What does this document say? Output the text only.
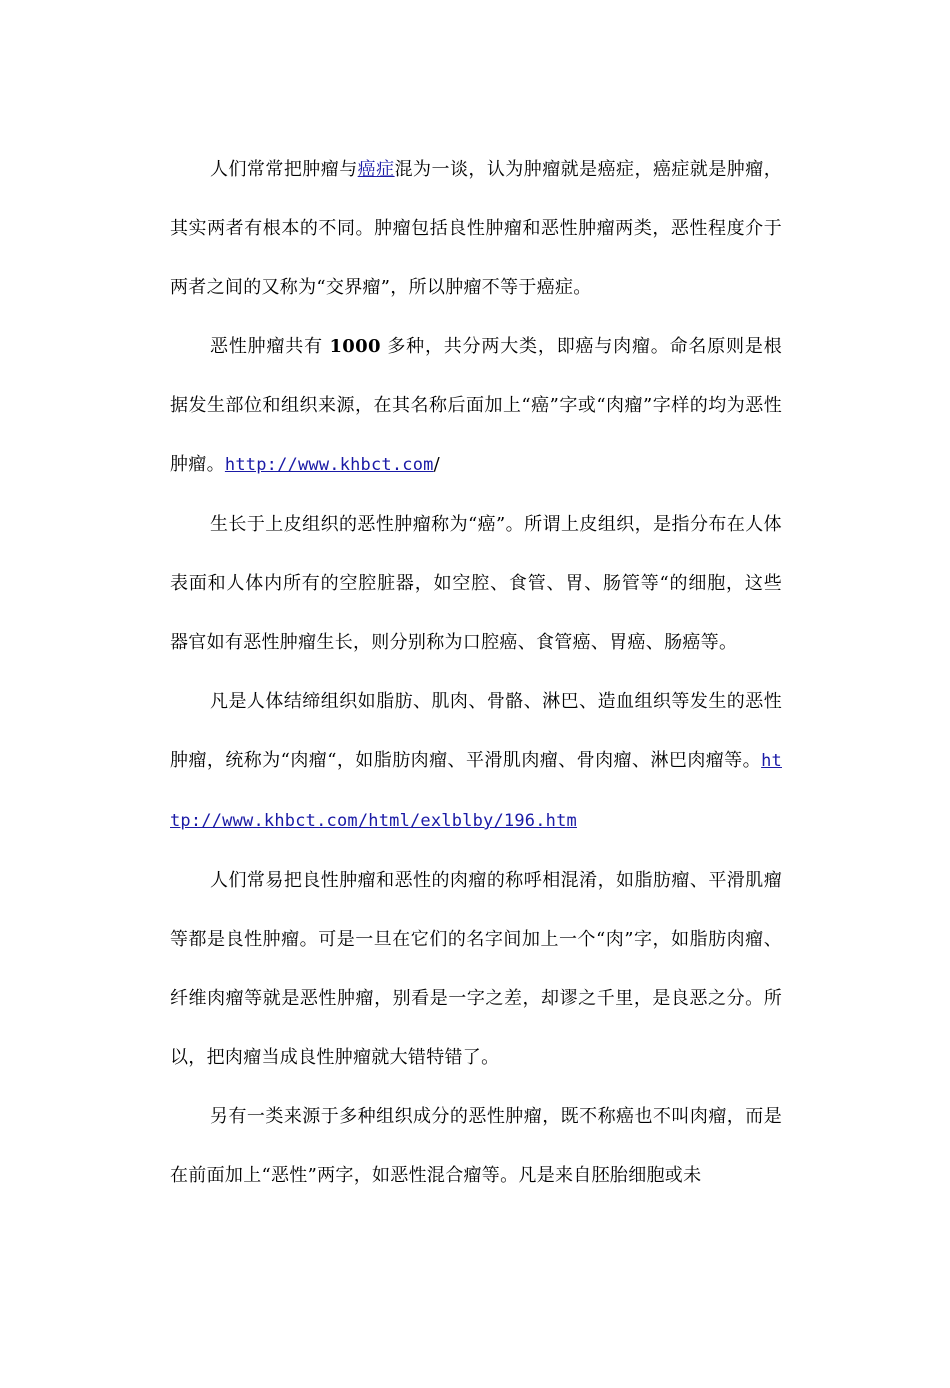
人们常常把肿瘤与癌症混为一谈，认为肿瘤就是癌症，癌症就是肿瘤，其实两者有根本的不同。肿瘤包括良性肿瘤和恶性肿瘤两类，恶性程度介于两者之间的又称为“交界瘤”，所以肿瘤不等于癌症。

恶性肿瘤共有 1000 多种，共分两大类，即癌与肉瘤。命名原则是根据发生部位和组织来源，在其名称后面加上“癌”字或“肉瘤”字样的均为恶性肿瘤。http://www.khbct.com/

生长于上皮组织的恶性肿瘤称为“癌”。所谓上皮组织，是指分布在人体表面和人体内所有的空腔脏器，如空腔、食管、胃、肠管等“的细胞，这些器官如有恶性肿瘤生长，则分别称为口腔癌、食管癌、胃癌、肠癌等。

凡是人体结缔组织如脂肪、肌肉、骨骼、淋巴、造血组织等发生的恶性肿瘤，统称为“肉瘤“，如脂肪肉瘤、平滑肌肉瘤、骨肉瘤、淋巴肉瘤等。http://www.khbct.com/html/exlblby/196.htm

人们常易把良性肿瘤和恶性的肉瘤的称呼相混淆，如脂肪瘤、平滑肌瘤等都是良性肿瘤。可是一旦在它们的名字间加上一个“肉”字，如脂肪肉瘤、纤维肉瘤等就是恶性肿瘤，别看是一字之差，却谬之千里，是良恶之分。所以，把肉瘤当成良性肿瘤就大错特错了。

另有一类来源于多种组织成分的恶性肿瘤，既不称癌也不叫肉瘤，而是在前面加上“恶性”两字，如恶性混合瘤等。凡是来自胚胎细胞或未
